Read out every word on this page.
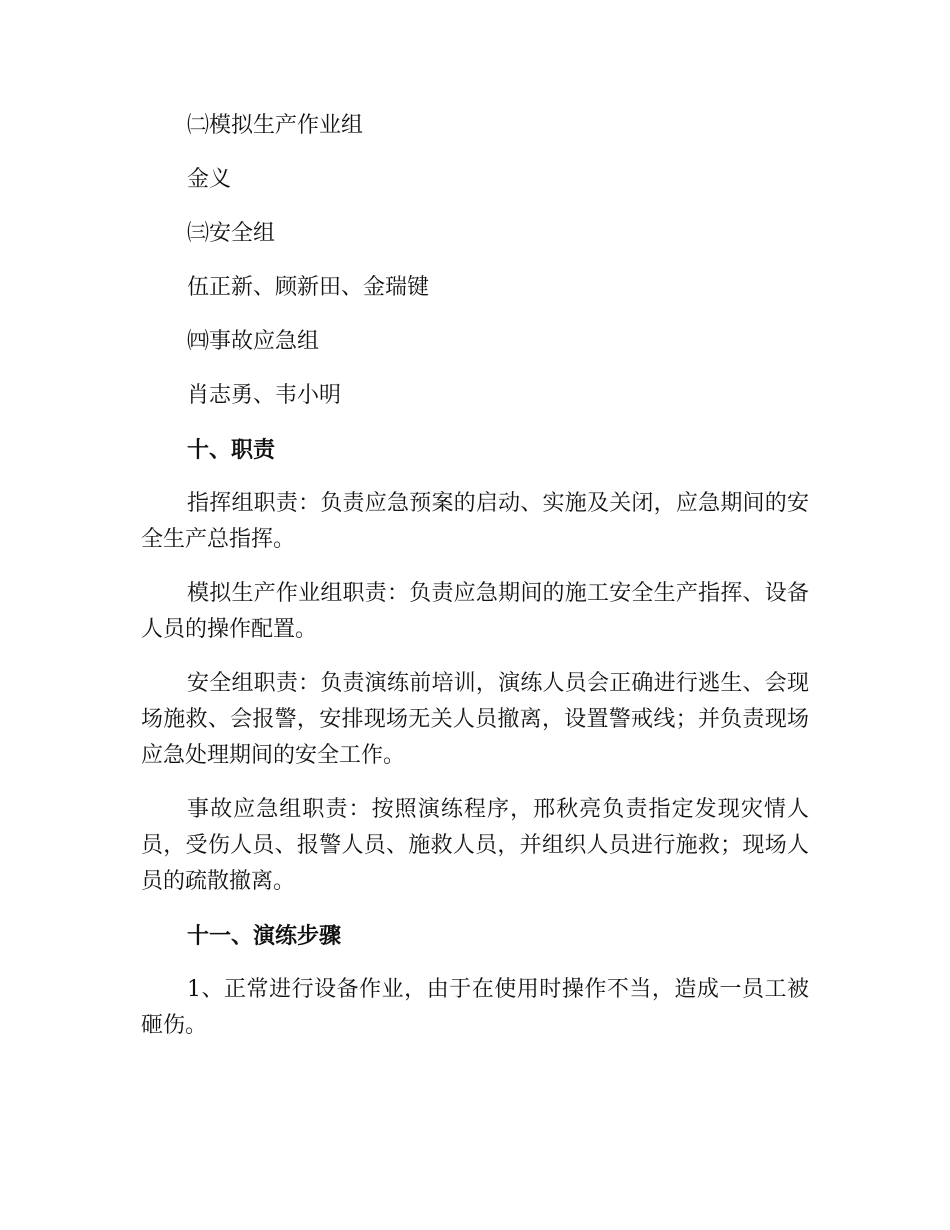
㈡模拟生产作业组

金义

㈢安全组

伍正新、顾新田、金瑞键

㈣事故应急组

肖志勇、韦小明

十、职责

指挥组职责：负责应急预案的启动、实施及关闭，应急期间的安全生产总指挥。

模拟生产作业组职责：负责应急期间的施工安全生产指挥、设备人员的操作配置。

安全组职责：负责演练前培训，演练人员会正确进行逃生、会现场施救、会报警，安排现场无关人员撤离，设置警戒线；并负责现场应急处理期间的安全工作。

事故应急组职责：按照演练程序，邢秋亮负责指定发现灾情人员，受伤人员、报警人员、施救人员，并组织人员进行施救；现场人员的疏散撤离。

十一、演练步骤

1、正常进行设备作业，由于在使用时操作不当，造成一员工被砸伤。
